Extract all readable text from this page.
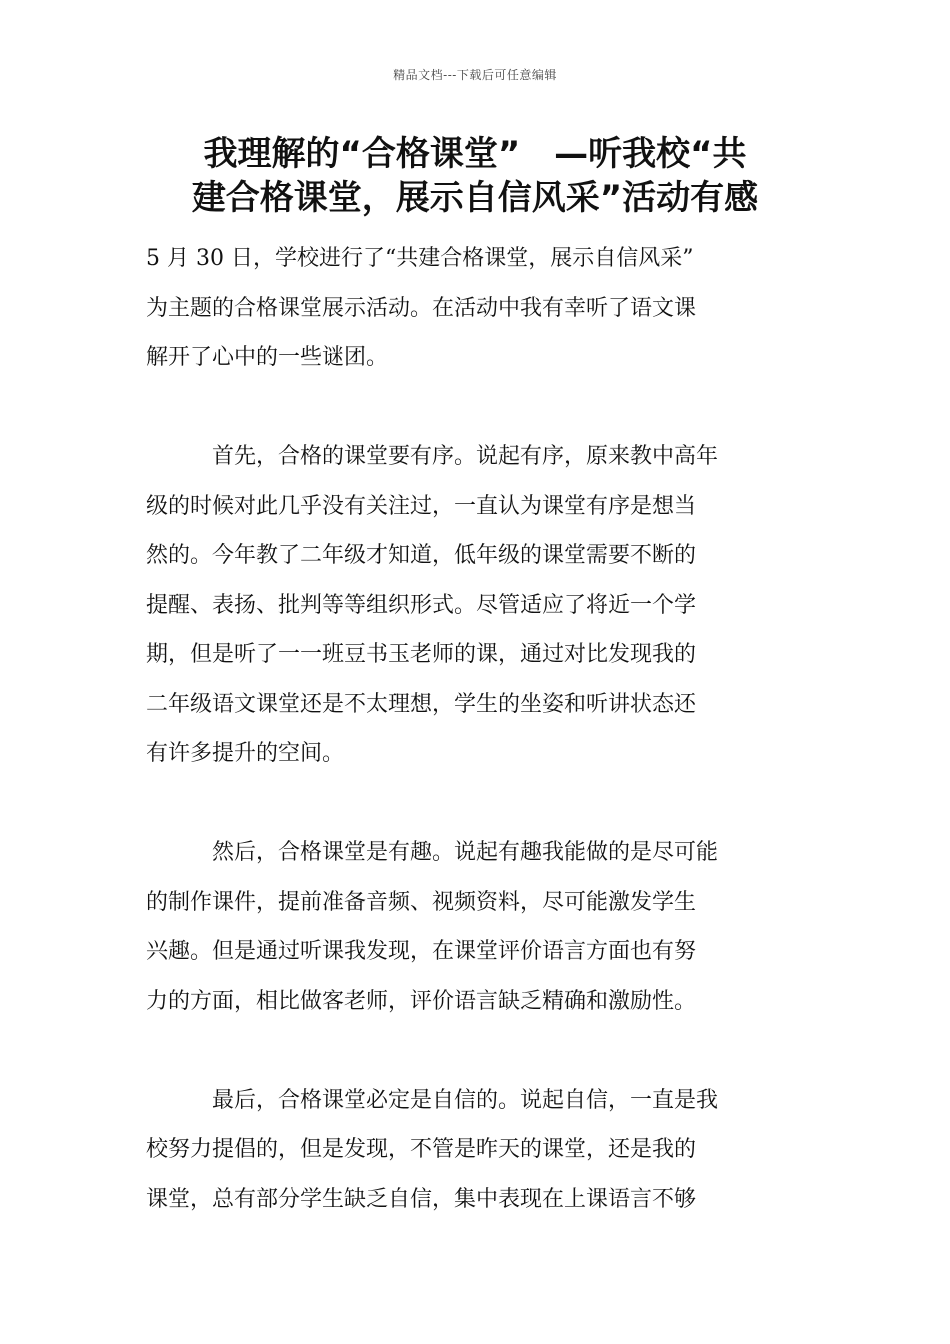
精品文档---下载后可任意编辑
我理解的“合格课堂”　—听我校“共
建合格课堂，展示自信风采”活动有感

5 月 30 日，学校进行了“共建合格课堂，展示自信风采”
为主题的合格课堂展示活动。在活动中我有幸听了语文课
解开了心中的一些谜团。

首先，合格的课堂要有序。说起有序，原来教中高年
级的时候对此几乎没有关注过，一直认为课堂有序是想当
然的。今年教了二年级才知道，低年级的课堂需要不断的
提醒、表扬、批判等等组织形式。尽管适应了将近一个学
期，但是听了一一班豆书玉老师的课，通过对比发现我的
二年级语文课堂还是不太理想，学生的坐姿和听讲状态还
有许多提升的空间。

然后，合格课堂是有趣。说起有趣我能做的是尽可能
的制作课件，提前准备音频、视频资料，尽可能激发学生
兴趣。但是通过听课我发现，在课堂评价语言方面也有努
力的方面，相比做客老师，评价语言缺乏精确和激励性。

最后，合格课堂必定是自信的。说起自信，一直是我
校努力提倡的，但是发现，不管是昨天的课堂，还是我的
课堂，总有部分学生缺乏自信，集中表现在上课语言不够
